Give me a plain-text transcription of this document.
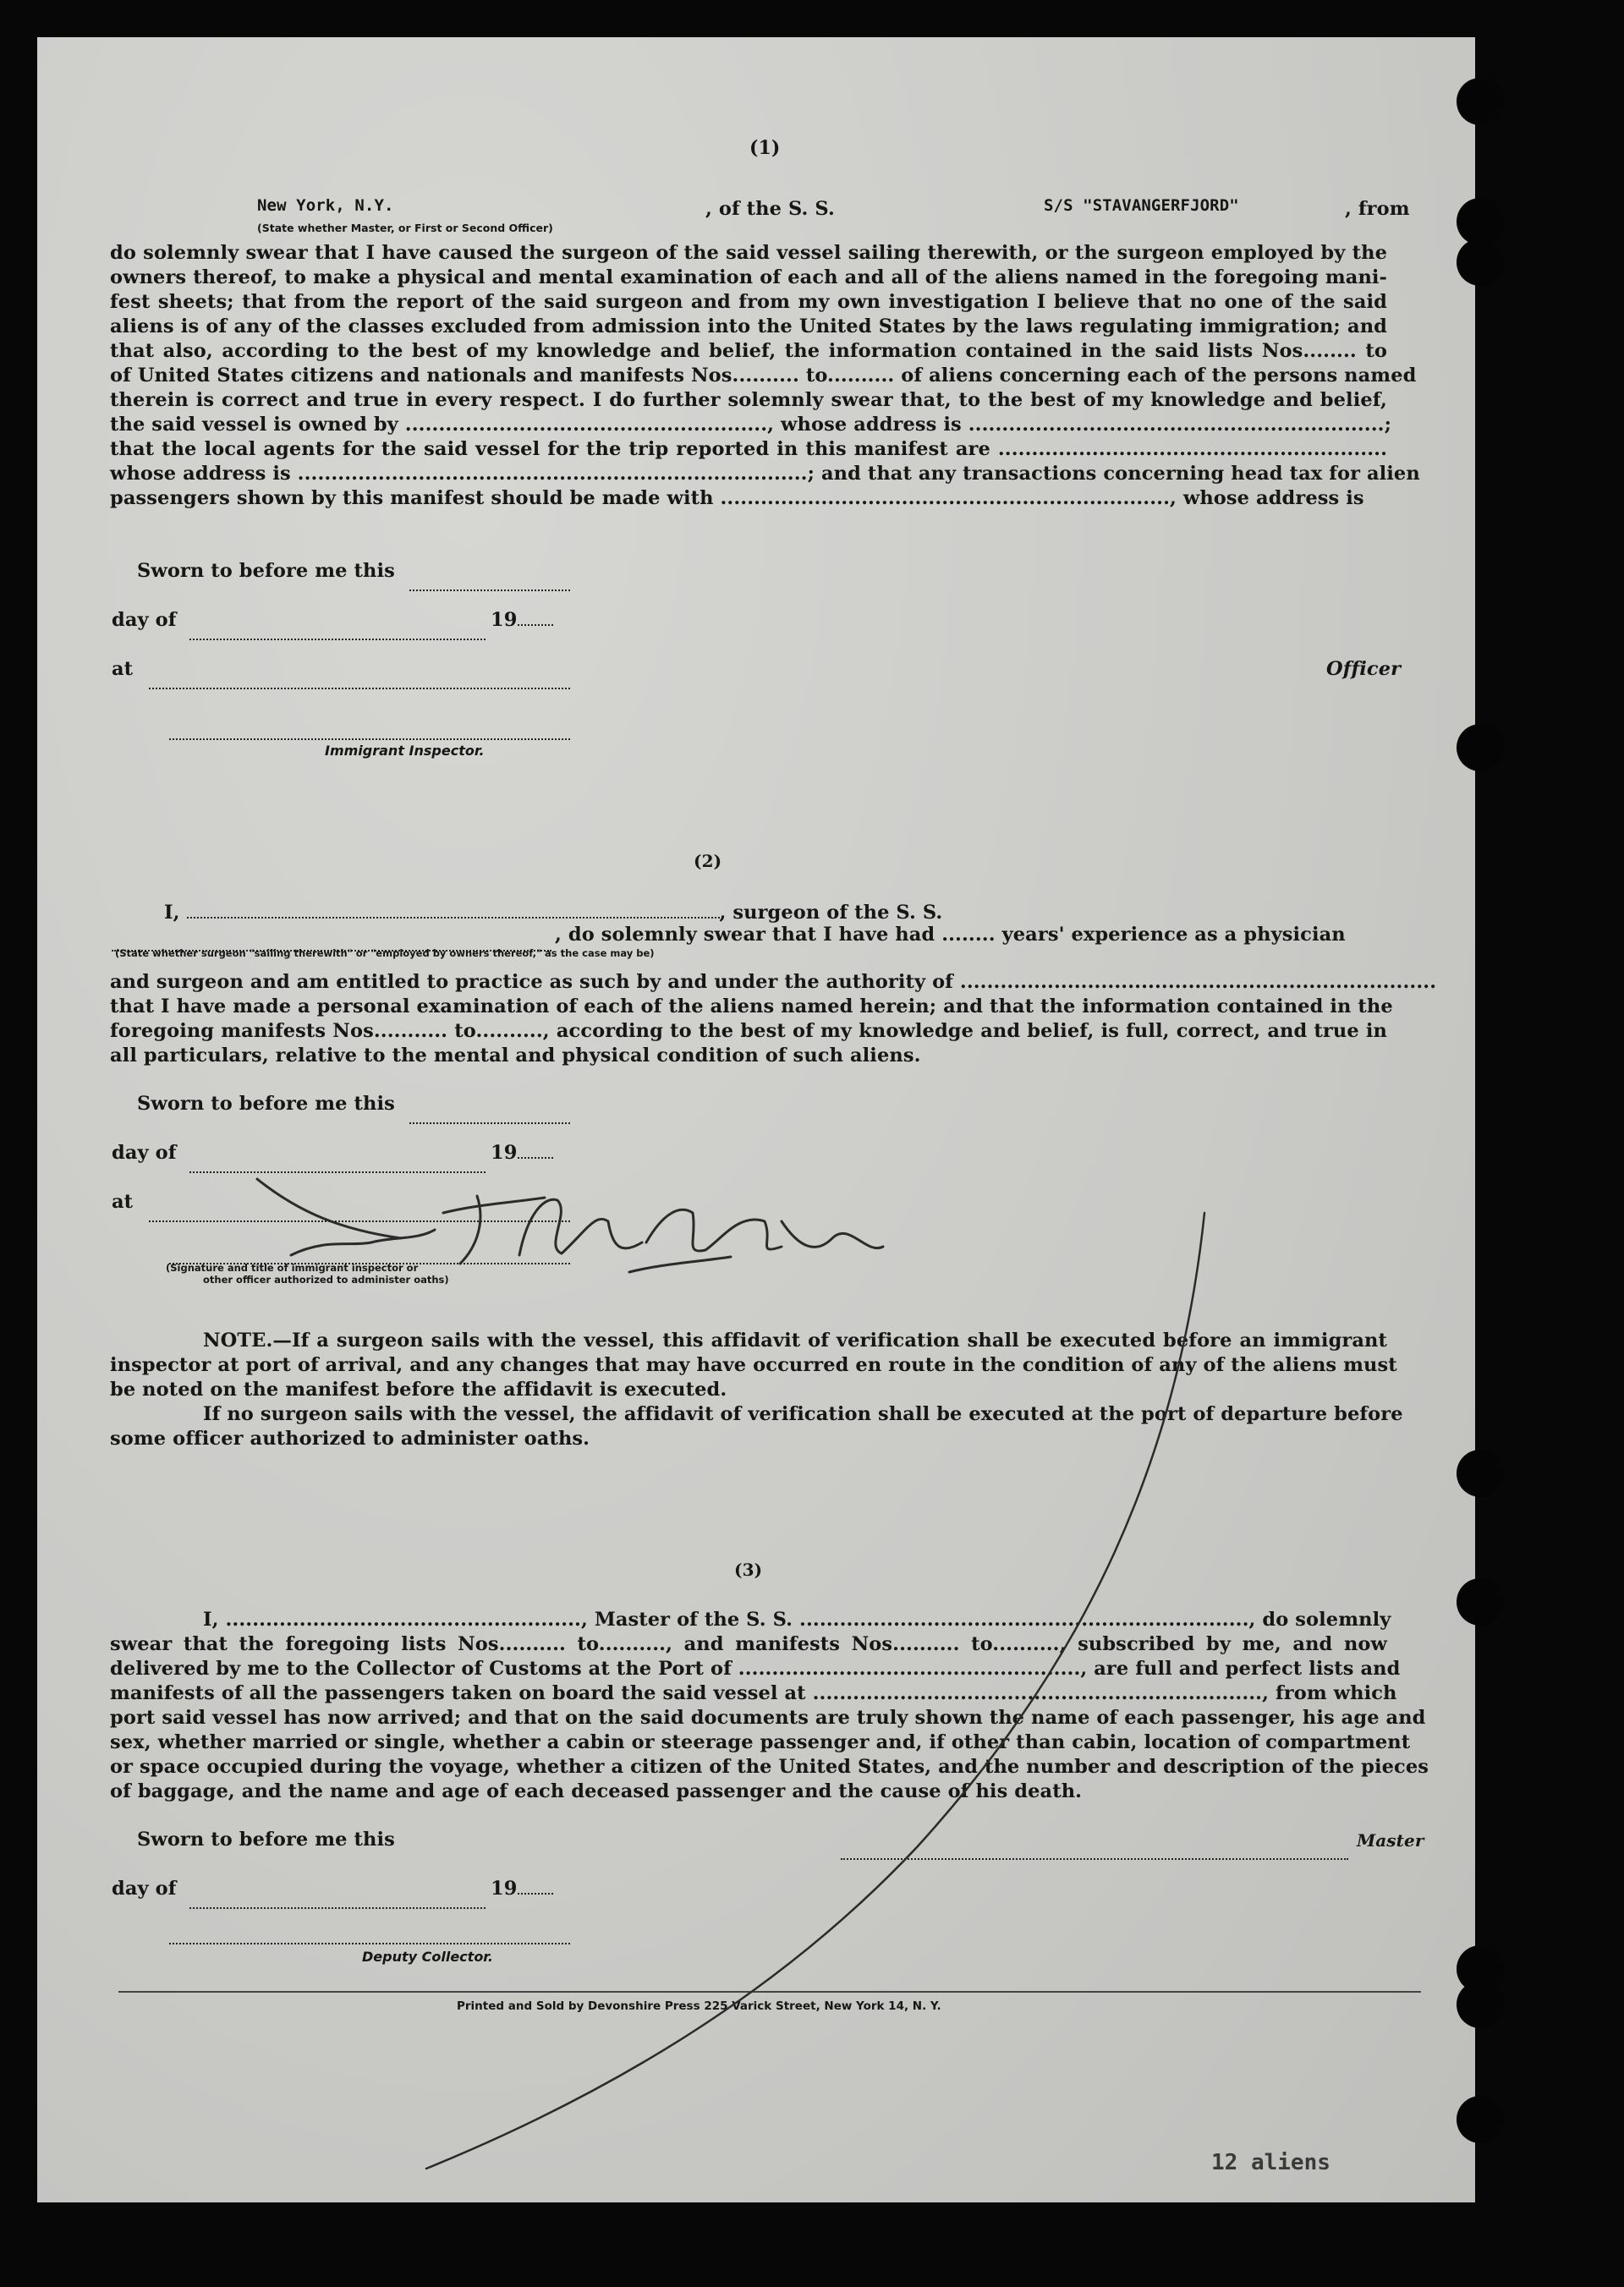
(1)
New York, N.Y.	, of the S. S.	S/S "STAVANGERFJORD"	, from
(State whether Master, or First or Second Officer)
do solemnly swear that I have caused the surgeon of the said vessel sailing therewith, or the surgeon employed by the
owners thereof, to make a physical and mental examination of each and all of the aliens named in the foregoing mani-
fest sheets; that from the report of the said surgeon and from my own investigation I believe that no one of the said
aliens is of any of the classes excluded from admission into the United States by the laws regulating immigration; and
that also, according to the best of my knowledge and belief, the information contained in the said lists Nos........ to
of United States citizens and nationals and manifests Nos.......... to.......... of aliens concerning each of the persons named
therein is correct and true in every respect. I do further solemnly swear that, to the best of my knowledge and belief,
the said vessel is owned by ......................................................, whose address is ..............................................................;
that the local agents for the said vessel for the trip reported in this manifest are ..........................................................
whose address is ............................................................................; and that any transactions concerning head tax for alien
passengers shown by this manifest should be made with ..................................................................., whose address is
Sworn to before me this
day of	19
at
Immigrant Inspector.
Officer
(2)
I,	, surgeon of the S. S.
, do solemnly swear that I have had ........ years' experience as a physician
(State whether surgeon "sailing therewith" or "employed by owners thereof," as the case may be)
and surgeon and am entitled to practice as such by and under the authority of .......................................................................
that I have made a personal examination of each of the aliens named herein; and that the information contained in the
foregoing manifests Nos........... to.........., according to the best of my knowledge and belief, is full, correct, and true in
all particulars, relative to the mental and physical condition of such aliens.
Sworn to before me this
day of	19
at
(Signature and title of immigrant inspector or
other officer authorized to administer oaths)
NOTE.—If a surgeon sails with the vessel, this affidavit of verification shall be executed before an immigrant
inspector at port of arrival, and any changes that may have occurred en route in the condition of any of the aliens must
be noted on the manifest before the affidavit is executed.
If no surgeon sails with the vessel, the affidavit of verification shall be executed at the port of departure before
some officer authorized to administer oaths.
(3)
I, ....................................................., Master of the S. S. ..................................................................., do solemnly
swear that the foregoing lists Nos.......... to.........., and manifests Nos.......... to.........., subscribed by me, and now
delivered by me to the Collector of Customs at the Port of ..................................................., are full and perfect lists and
manifests of all the passengers taken on board the said vessel at ..................................................................., from which
port said vessel has now arrived; and that on the said documents are truly shown the name of each passenger, his age and
sex, whether married or single, whether a cabin or steerage passenger and, if other than cabin, location of compartment
or space occupied during the voyage, whether a citizen of the United States, and the number and description of the pieces
of baggage, and the name and age of each deceased passenger and the cause of his death.
Sworn to before me this	Master
day of	19
Deputy Collector.
Printed and Sold by Devonshire Press 225 Varick Street, New York 14, N. Y.
12 aliens
